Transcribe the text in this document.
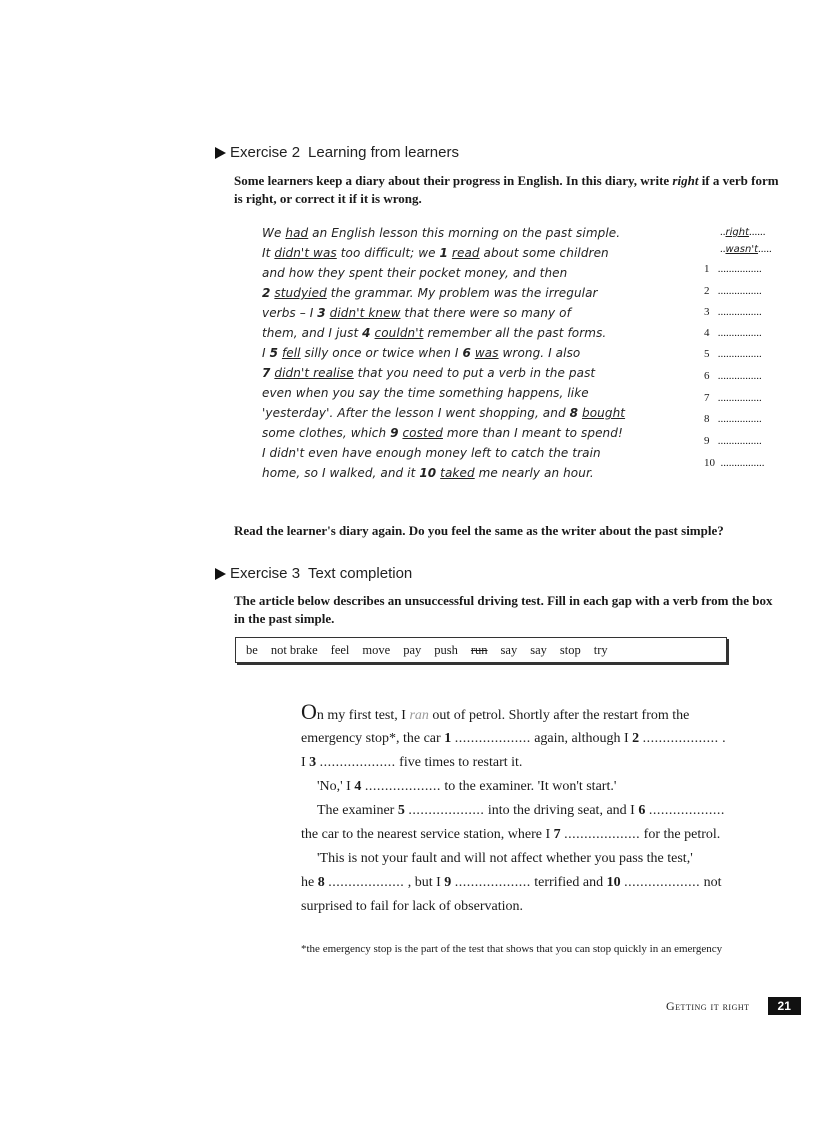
Exercise
2 Learning from learners
Some learners keep a diary about their progress in English. In this diary, write right if a verb form is right, or correct it if it is wrong.
We had an English lesson this morning on the past simple.
It didn't was too difficult; we 1 read about some children
and how they spent their pocket money, and then
2 studyied the grammar. My problem was the irregular
verbs – I 3 didn't knew that there were so many of
them, and I just 4 couldn't remember all the past forms.
I 5 fell silly once or twice when I 6 was wrong. I also
7 didn't realise that you need to put a verb in the past
even when you say the time something happens, like
'yesterday'. After the lesson I went shopping, and 8 bought
some clothes, which 9 costed more than I meant to spend!
I didn't even have enough money left to catch the train
home, so I walked, and it 10 taked me nearly an hour.
..right......
..wasn't.....
1 ................
2 ................
3 ................
4 ................
5 ................
6 ................
7 ................
8 ................
9 ................
10 ................
Read the learner's diary again. Do you feel the same as the writer about the past simple?
Exercise
3 Text completion
The article below describes an unsuccessful driving test. Fill in each gap with a verb from the box in the past simple.
be not brake feel move pay push run say say stop try
On my first test, I ran out of petrol. Shortly after the restart from the
emergency stop*, the car 1 ................... again, although I 2 ................... .
I 3 ................... five times to restart it.
'No,' I 4 ................... to the examiner. 'It won't start.'
The examiner 5 ................... into the driving seat, and I 6 ...................
the car to the nearest service station, where I 7 ................... for the petrol.
'This is not your fault and will not affect whether you pass the test,'
he 8 ................... , but I 9 ................... terrified and 10 ................... not
surprised to fail for lack of observation.
*the emergency stop is the part of the test that shows that you can stop quickly in an emergency
Getting it right	21
